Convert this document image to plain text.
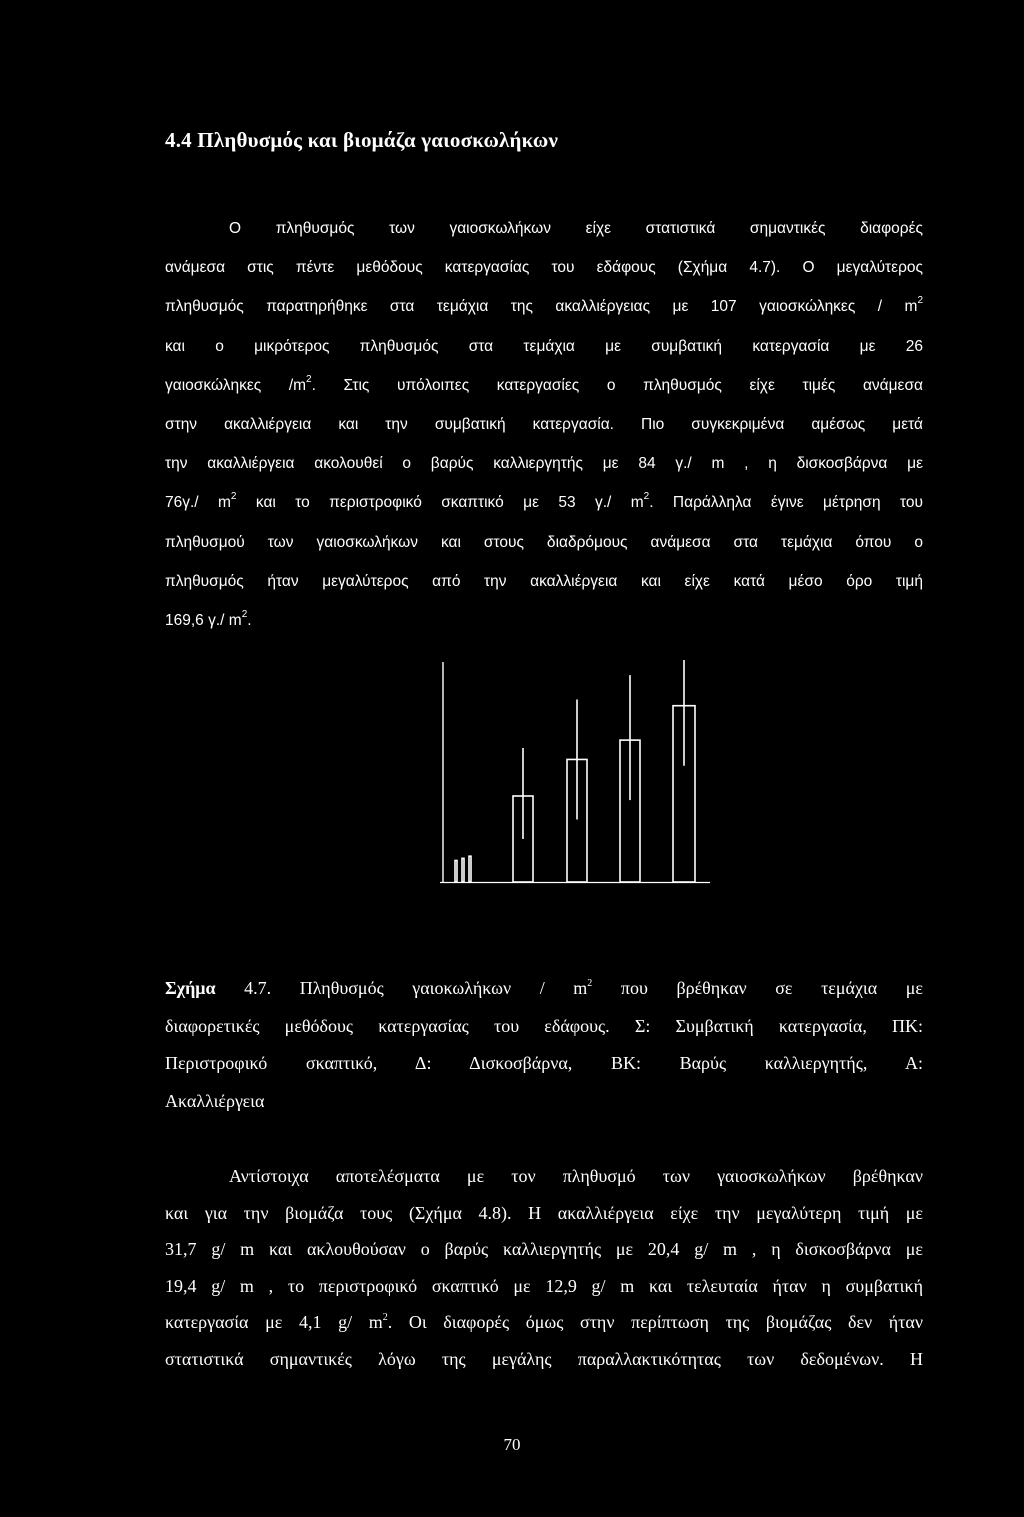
4.4 Πληθυσμός και βιομάζα γαιοσκωλήκων
Ο πληθυσμός των γαιοσκωλήκων είχε στατιστικά σημαντικές διαφορές
ανάμεσα στις πέντε μεθόδους κατεργασίας του εδάφους (Σχήμα 4.7). Ο μεγαλύτερος
πληθυσμός παρατηρήθηκε στα τεμάχια της ακαλλιέργειας με 107 γαιοσκώληκες / $m^2$
και ο μικρότερος πληθυσμός στα τεμάχια με συμβατική κατεργασία με 26
γαιοσκώληκες $/m^2$. Στις υπόλοιπες κατεργασίες ο πληθυσμός είχε τιμές ανάμεσα
στην ακαλλιέργεια και την συμβατική κατεργασία. Πιο συγκεκριμένα αμέσως μετά
την ακαλλιέργεια ακολουθεί ο βαρύς καλλιεργητής με 84 γ./ m , η δισκοσβάρνα με
76γ./ $m^2$ και το περιστροφικό σκαπτικό με 53 γ./ $m^2$. Παράλληλα έγινε μέτρηση του
πληθυσμού των γαιοσκωλήκων και στους διαδρόμους ανάμεσα στα τεμάχια όπου ο
πληθυσμός ήταν μεγαλύτερος από την ακαλλιέργεια και είχε κατά μέσο όρο τιμή
169,6 γ./ $m^2$.
Σχήμα 4.7. Πληθυσμός γαιοκωλήκων / $m^2$ που βρέθηκαν σε τεμάχια με
διαφορετικές μεθόδους κατεργασίας του εδάφους. Σ: Συμβατική κατεργασία, ΠΚ:
Περιστροφικό σκαπτικό, Δ: Δισκοσβάρνα, ΒΚ: Βαρύς καλλιεργητής, Α:
Ακαλλιέργεια
Αντίστοιχα αποτελέσματα με τον πληθυσμό των γαιοσκωλήκων βρέθηκαν
και για την βιομάζα τους (Σχήμα 4.8). Η ακαλλιέργεια είχε την μεγαλύτερη τιμή με
31,7 g/ m και ακλουθούσαν ο βαρύς καλλιεργητής με 20,4 g/ m , η δισκοσβάρνα με
19,4 g/ m , το περιστροφικό σκαπτικό με 12,9 g/ m και τελευταία ήταν η συμβατική
κατεργασία με 4,1 g/ $m^2$. Οι διαφορές όμως στην περίπτωση της βιομάζας δεν ήταν
στατιστικά σημαντικές λόγω της μεγάλης παραλλακτικότητας των δεδομένων. Η
70
